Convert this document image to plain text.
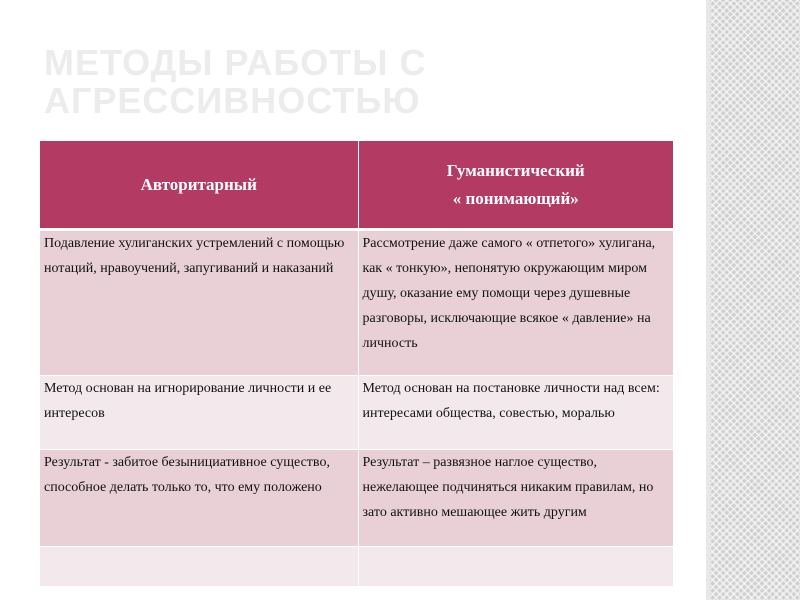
МЕТОДЫ РАБОТЫ С АГРЕССИВНОСТЬЮ
Авторитарный	Гуманистический
« понимающий»

Подавление хулиганских устремлений с помощью нотаций, нравоучений, запугиваний и наказаний	Рассмотрение даже самого « отпетого» хулигана, как « тонкую», непонятую окружающим миром душу, оказание ему помощи через душевные разговоры, исключающие всякое « давление» на личность

Метод основан на игнорирование личности и ее интересов	Метод основан на постановке личности над всем: интересами общества, совестью, моралью

Результат - забитое безынициативное существо, способное делать только то, что ему положено	Результат – развязное наглое существо, нежелающее подчиняться никаким правилам, но зато активно мешающее жить другим
